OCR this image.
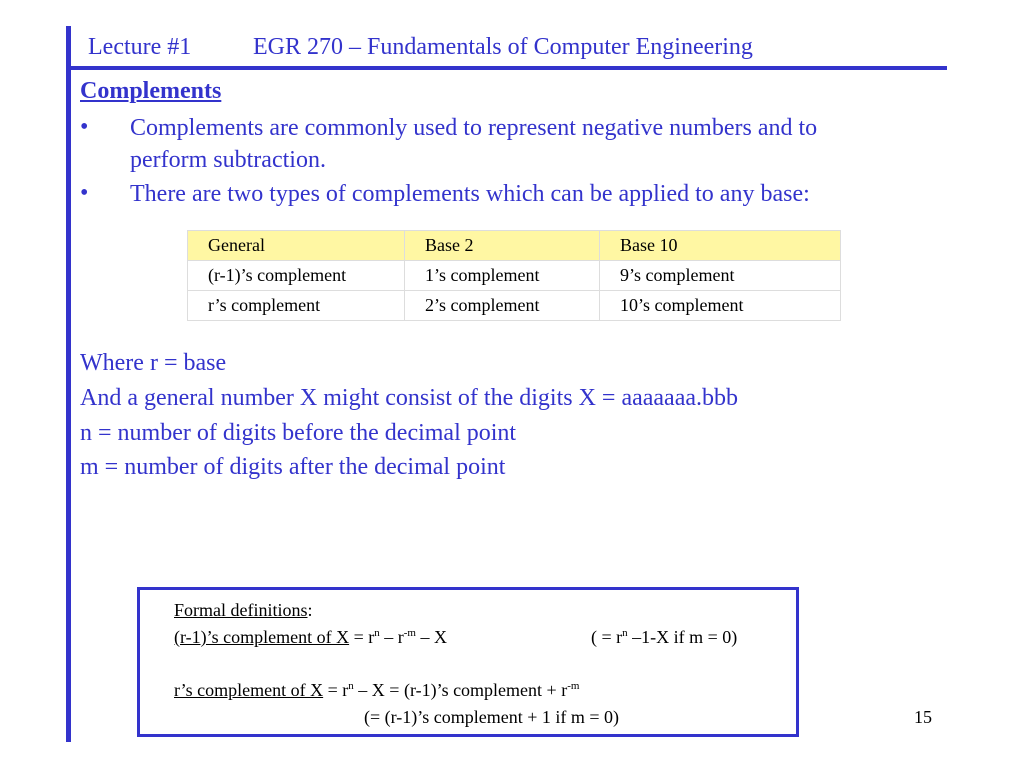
Lecture #1	EGR 270 – Fundamentals of Computer Engineering
Complements
• Complements are commonly used to represent negative numbers and to
perform subtraction.
• There are two types of complements which can be applied to any base:
General	Base 2	Base 10
(r-1)’s complement	1’s complement	9’s complement
r’s complement	2’s complement	10’s complement
Where r = base
And a general number X might consist of the digits X = aaaaaaa.bbb
n = number of digits before the decimal point
m = number of digits after the decimal point
Formal definitions:
(r-1)’s complement of $X = r^n - r^{-m} - X$	( = $r^n$ –1-X if m = 0)
r’s complement of $X = r^n - X$ = (r-1)’s complement + $r^{-m}$
(= (r-1)’s complement + 1 if m = 0)	15
